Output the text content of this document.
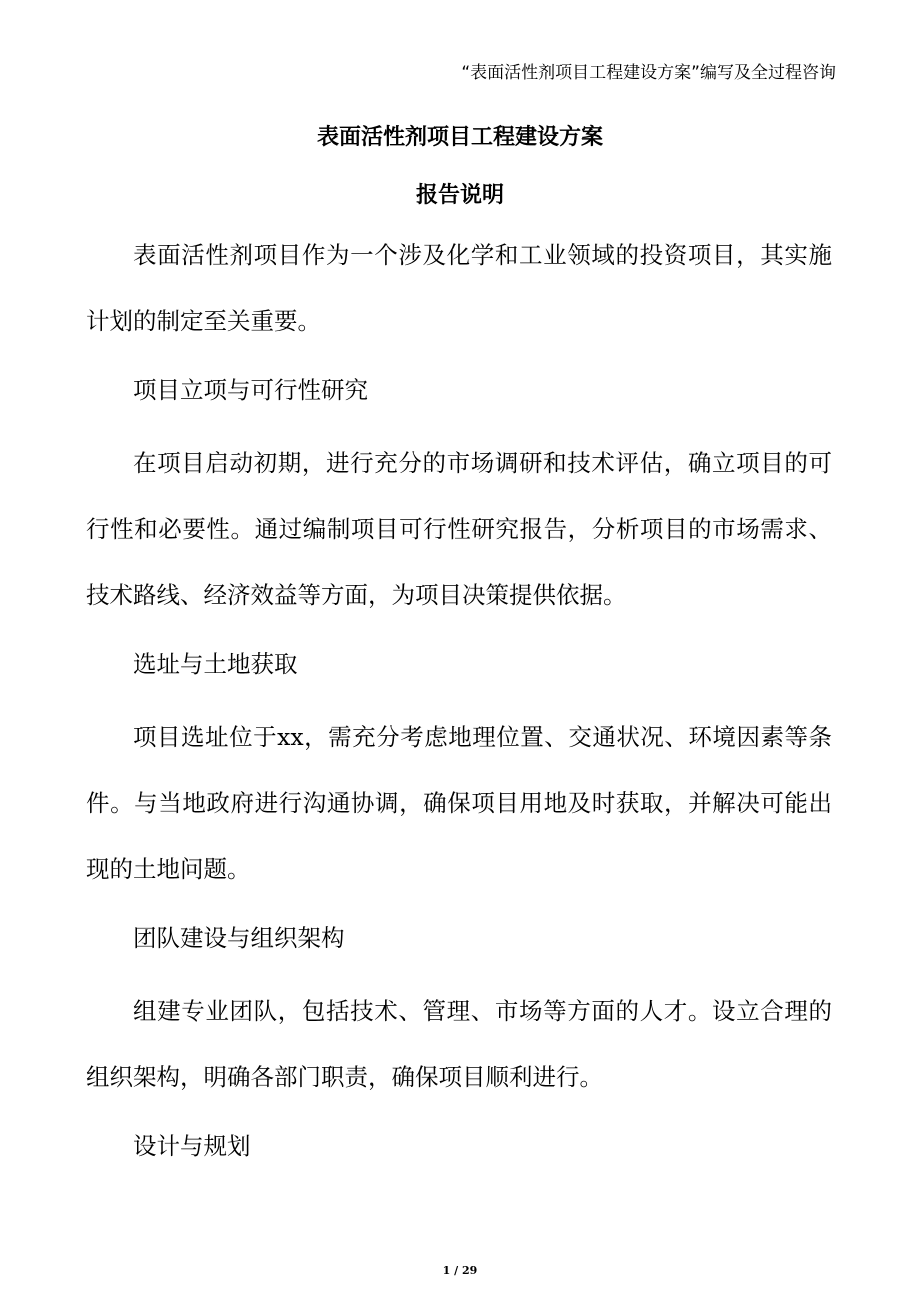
“表面活性剂项目工程建设方案”编写及全过程咨询
表面活性剂项目工程建设方案
报告说明

表面活性剂项目作为一个涉及化学和工业领域的投资项目，其实施计划的制定至关重要。

项目立项与可行性研究

在项目启动初期，进行充分的市场调研和技术评估，确立项目的可行性和必要性。通过编制项目可行性研究报告，分析项目的市场需求、技术路线、经济效益等方面，为项目决策提供依据。

选址与土地获取

项目选址位于xx，需充分考虑地理位置、交通状况、环境因素等条件。与当地政府进行沟通协调，确保项目用地及时获取，并解决可能出现的土地问题。

团队建设与组织架构

组建专业团队，包括技术、管理、市场等方面的人才。设立合理的组织架构，明确各部门职责，确保项目顺利进行。

设计与规划

1 / 29
